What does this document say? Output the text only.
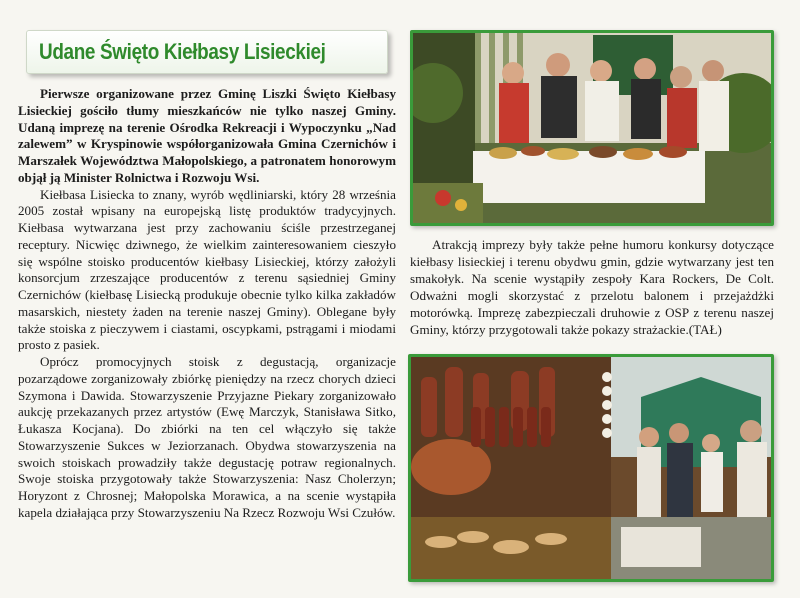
Udane Święto Kiełbasy Lisieckiej

Pierwsze organizowane przez Gminę Liszki Święto Kiełbasy Lisieckiej gościło tłumy mieszkańców nie tylko naszej Gminy. Udaną imprezę na terenie Ośrodka Rekreacji i Wypoczynku „Nad zalewem” w Kryspinowie współorganizowała Gmina Czernichów i Marszałek Województwa Małopolskiego, a patronatem honorowym objął ją Minister Rolnictwa i Rozwoju Wsi.

Kiełbasa Lisiecka to znany, wyrób wędliniarski, który 28 września 2005 został wpisany na europejską listę produktów tradycyjnych. Kiełbasa wytwarzana jest przy zachowaniu ściśle przestrzeganej receptury. Nicwięc dziwnego, że wielkim zainteresowaniem cieszyło się wspólne stoisko producentów kiełbasy Lisieckiej, którzy założyli konsorcjum zrzeszające producentów z terenu sąsiedniej Gminy Czernichów (kiełbasę Lisiecką produkuje obecnie tylko kilka zakładów masarskich, niestety żaden na terenie naszej Gminy). Oblegane były także stoiska z pieczywem i ciastami, oscypkami, pstrągami i miodami prosto z pasiek.

Oprócz promocyjnych stoisk z degustacją, organizacje pozarządowe zorganizowały zbiórkę pieniędzy na rzecz chorych dzieci Szymona i Dawida. Stowarzyszenie Przyjazne Piekary zorganizowało aukcję przekazanych przez artystów (Ewę Marczyk, Stanisława Sitko, Łukasza Kocjana). Do zbiórki na ten cel włączyło się także Stowarzyszenie Sukces w Jeziorzanach. Obydwa stowarzyszenia na swoich stoiskach prowadziły także degustację potraw regionalnych. Swoje stoiska przygotowały także Stowarzyszenia: Nasz Cholerzyn; Horyzont z Chrosnej; Małopolska Morawica, a na scenie wystąpiła kapela działająca przy Stowarzyszeniu Na Rzecz Rozwoju Wsi Czułów.

Atrakcją imprezy były także pełne humoru konkursy dotyczące kiełbasy lisieckiej i terenu obydwu gmin, gdzie wytwarzany jest ten smakołyk. Na scenie wystąpiły zespoły Kara Rockers, De Colt. Odważni mogli skorzystać z przelotu balonem i przejażdżki motorówką. Imprezę zabezpieczali druhowie z OSP z terenu naszej Gminy, którzy przygotowali także pokazy strażackie.(TAŁ)
